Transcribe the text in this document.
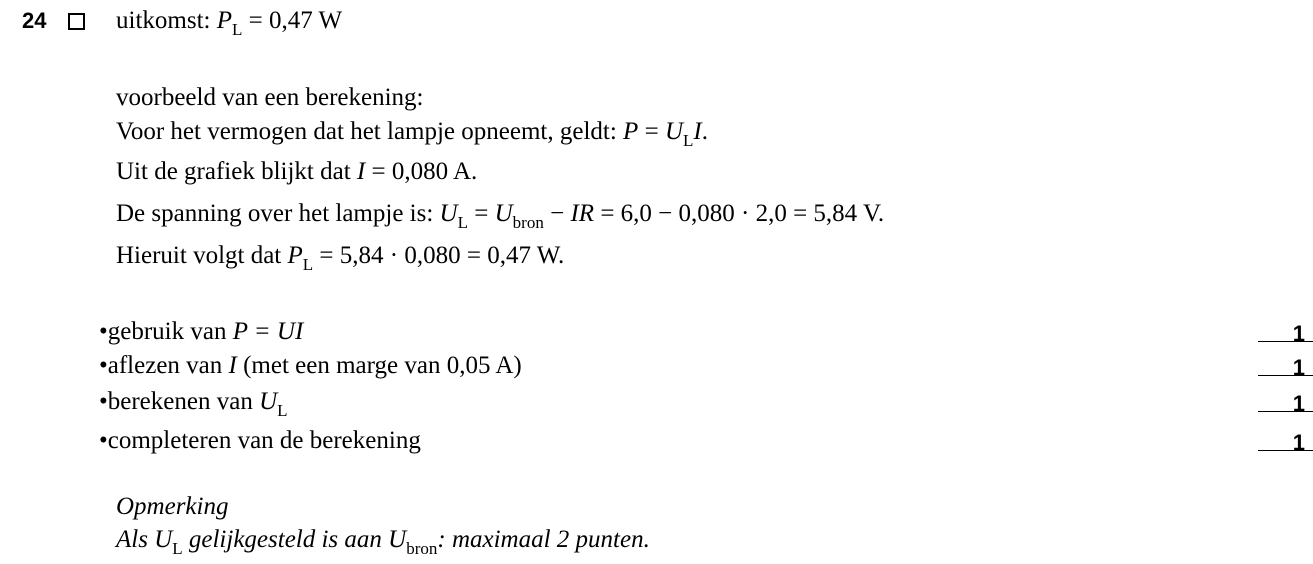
24	uitkomst: $P_L = 0,47$ W
voorbeeld van een berekening:
Voor het vermogen dat het lampje opneemt, geldt: $P = U_LI$.
Uit de grafiek blijkt dat I = 0,080 A.
De spanning over het lampje is: $U_L = U_{bron}$ − IR = 6,0 − 0,080 · 2,0 = 5,84 V.
Hieruit volgt dat $P_L = 5,84 \cdot 0,080 = 0,47$ W.
•gebruik van P = UI	1
•aflezen van I (met een marge van 0,05 A)	1
•berekenen van $U_L$	1
•completeren van de berekening	1
Opmerking
Als $U_L$ gelijkgesteld is aan $U_{bron}$: maximaal 2 punten.
